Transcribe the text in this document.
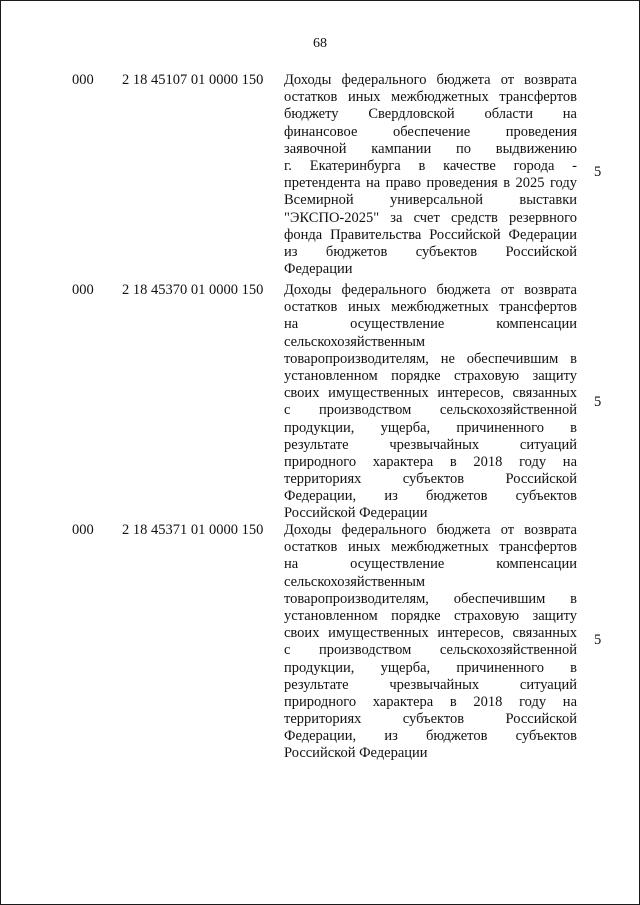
68
000 2 18 45107 01 0000 150 Доходы федерального бюджета от возврата
остатков иных межбюджетных трансфертов
бюджету Свердловской области на
финансовое обеспечение проведения
заявочной кампании по выдвижению
г. Екатеринбурга в качестве города -
претендента на право проведения в 2025 году
Всемирной универсальной выставки
"ЭКСПО-2025" за счет средств резервного
фонда Правительства Российской Федерации
из бюджетов субъектов Российской
Федерации
5
000 2 18 45370 01 0000 150 Доходы федерального бюджета от возврата
остатков иных межбюджетных трансфертов
на осуществление компенсации
сельскохозяйственным
товаропроизводителям, не обеспечившим в
установленном порядке страховую защиту
своих имущественных интересов, связанных
с производством сельскохозяйственной
продукции, ущерба, причиненного в
результате чрезвычайных ситуаций
природного характера в 2018 году на
территориях субъектов Российской
Федерации, из бюджетов субъектов
Российской Федерации
5
000 2 18 45371 01 0000 150 Доходы федерального бюджета от возврата
остатков иных межбюджетных трансфертов
на осуществление компенсации
сельскохозяйственным
товаропроизводителям, обеспечившим в
установленном порядке страховую защиту
своих имущественных интересов, связанных
с производством сельскохозяйственной
продукции, ущерба, причиненного в
результате чрезвычайных ситуаций
природного характера в 2018 году на
территориях субъектов Российской
Федерации, из бюджетов субъектов
Российской Федерации
5
